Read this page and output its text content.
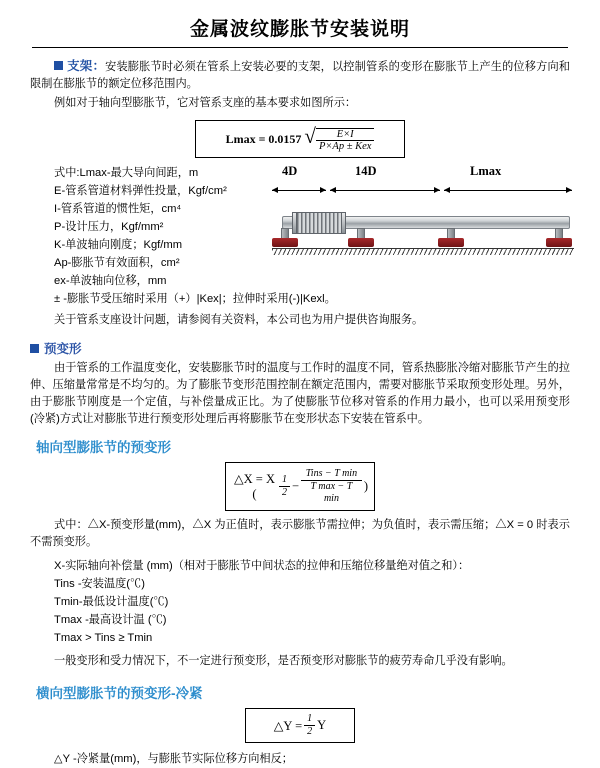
金属波纹膨胀节安装说明

支架：安装膨胀节时必须在管系上安装必要的支架，以控制管系的变形在膨胀节上产生的位移方向和限制在膨胀节的额定位移范围内。

例如对于轴向型膨胀节，它对管系支座的基本要求如图所示：

Lmax = 0.0157 √ $\frac{E\times I}{\text{P×Ap ± Kex}}$
式中:Lmax-最大导向间距，m
E-管系管道材料弹性投量，Kgf/cm²
I-管系管道的惯性矩，cm⁴
P-设计压力，Kgf/mm²
K-单波轴向刚度；Kgf/mm
Ap-膨胀节有效面积，cm²
ex-单波轴向位移，mm
± -膨胀节受压缩时采用（+）|Kex|；拉伸时采用(-)|Kexl。
4D	14D	Lmax

关于管系支座设计问题，请参阅有关资料，本公司也为用户提供咨询服务。

预变形

由于管系的工作温度变化，安装膨胀节时的温度与工作时的温度不同，管系热膨胀冷缩对膨胀节产生的拉伸、压缩量常常是不均匀的。为了膨胀节变形范围控制在额定范围内，需要对膨胀节采取预变形处理。另外，由于膨胀节刚度是一个定值，与补偿量成正比。为了使膨胀节位移对管系的作用力最小，也可以采用预变形(冷紧)方式让对膨胀节进行预变形处理后再将膨胀节在变形状态下安装在管系中。

轴向型膨胀节的预变形
△X = X (	$\frac{1}{2} - \frac{\text{Tins − T min}}{\text{T max − T min}}$ )

式中：△X-预变形量(mm)，△X 为正值时，表示膨胀节需拉伸；为负值时，表示需压缩；△X = 0 时表示不需预变形。

X-实际轴向补偿量 (mm)（相对于膨胀节中间状态的拉伸和压缩位移量绝对值之和）：
Tins -安装温度(℃)
Tmin-最低设计温度(℃)
Tmax -最高设计温 (℃)
Tmax > Tins ≥ Tmin

一般变形和受力情况下，不一定进行预变形，是否预变形对膨胀节的疲劳寿命几乎没有影响。

横向型膨胀节的预变形-冷紧
△Y = $\frac{1}{2}$ Y

△Y -冷紧量(mm)，与膨胀节实际位移方向相反；
